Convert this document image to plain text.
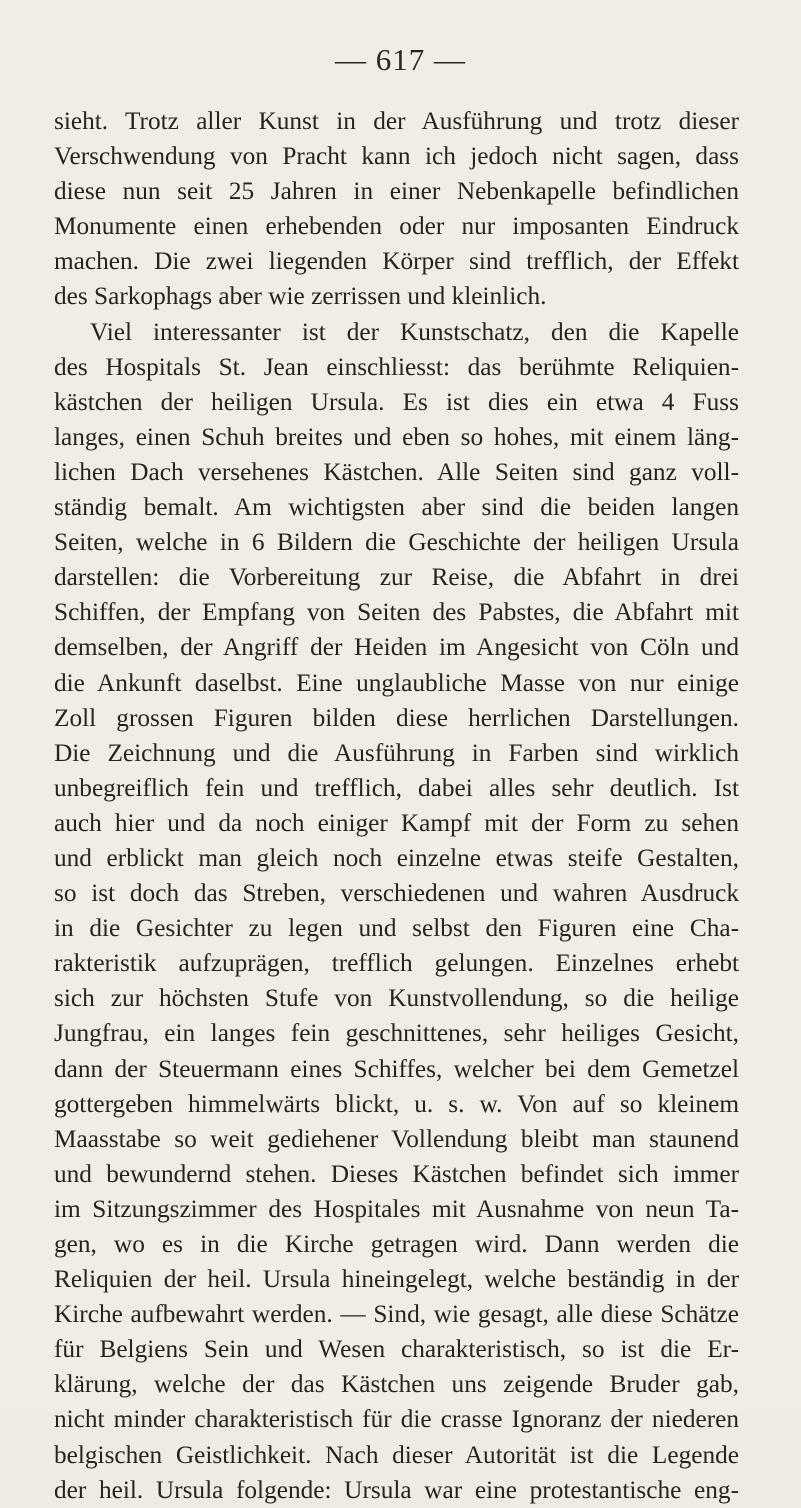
— 617 —
sieht. Trotz aller Kunst in der Ausführung und trotz dieser
Verschwendung von Pracht kann ich jedoch nicht sagen, dass
diese nun seit 25 Jahren in einer Nebenkapelle befindlichen
Monumente einen erhebenden oder nur imposanten Eindruck
machen. Die zwei liegenden Körper sind trefflich, der Effekt
des Sarkophags aber wie zerrissen und kleinlich.
Viel interessanter ist der Kunstschatz, den die Kapelle
des Hospitals St. Jean einschliesst: das berühmte Reliquien-
kästchen der heiligen Ursula. Es ist dies ein etwa 4 Fuss
langes, einen Schuh breites und eben so hohes, mit einem läng-
lichen Dach versehenes Kästchen. Alle Seiten sind ganz voll-
ständig bemalt. Am wichtigsten aber sind die beiden langen
Seiten, welche in 6 Bildern die Geschichte der heiligen Ursula
darstellen: die Vorbereitung zur Reise, die Abfahrt in drei
Schiffen, der Empfang von Seiten des Pabstes, die Abfahrt mit
demselben, der Angriff der Heiden im Angesicht von Cöln und
die Ankunft daselbst. Eine unglaubliche Masse von nur einige
Zoll grossen Figuren bilden diese herrlichen Darstellungen.
Die Zeichnung und die Ausführung in Farben sind wirklich
unbegreiflich fein und trefflich, dabei alles sehr deutlich. Ist
auch hier und da noch einiger Kampf mit der Form zu sehen
und erblickt man gleich noch einzelne etwas steife Gestalten,
so ist doch das Streben, verschiedenen und wahren Ausdruck
in die Gesichter zu legen und selbst den Figuren eine Cha-
rakteristik aufzuprägen, trefflich gelungen. Einzelnes erhebt
sich zur höchsten Stufe von Kunstvollendung, so die heilige
Jungfrau, ein langes fein geschnittenes, sehr heiliges Gesicht,
dann der Steuermann eines Schiffes, welcher bei dem Gemetzel
gottergeben himmelwärts blickt, u. s. w. Von auf so kleinem
Maasstabe so weit gediehener Vollendung bleibt man staunend
und bewundernd stehen. Dieses Kästchen befindet sich immer
im Sitzungszimmer des Hospitales mit Ausnahme von neun Ta-
gen, wo es in die Kirche getragen wird. Dann werden die
Reliquien der heil. Ursula hineingelegt, welche beständig in der
Kirche aufbewahrt werden. — Sind, wie gesagt, alle diese Schätze
für Belgiens Sein und Wesen charakteristisch, so ist die Er-
klärung, welche der das Kästchen uns zeigende Bruder gab,
nicht minder charakteristisch für die crasse Ignoranz der niederen
belgischen Geistlichkeit. Nach dieser Autorität ist die Legende
der heil. Ursula folgende: Ursula war eine protestantische eng-
